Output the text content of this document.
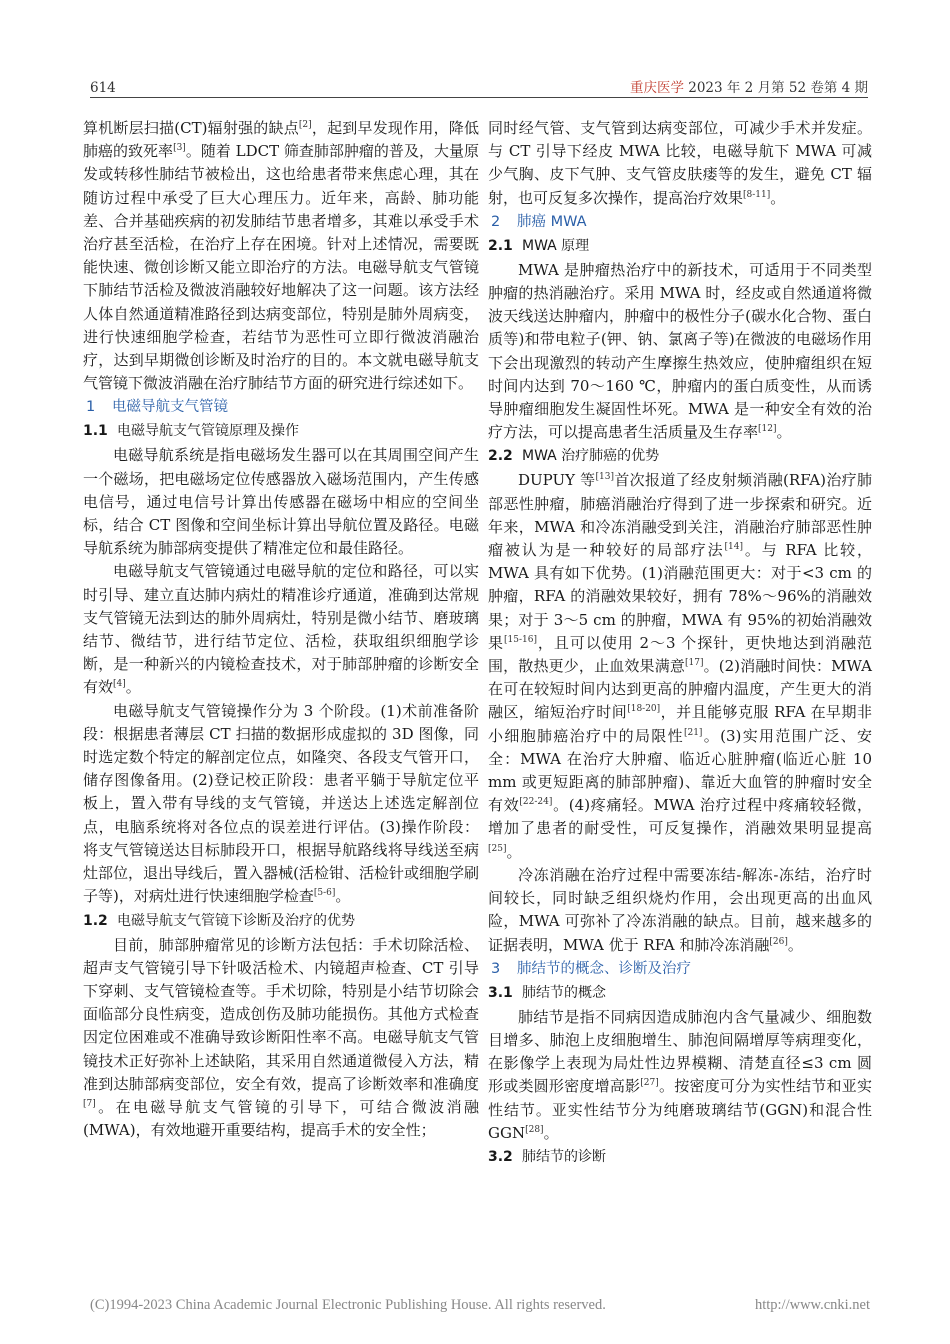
614	重庆医学 2023 年 2 月第 52 卷第 4 期

算机断层扫描(CT)辐射强的缺点[2]，起到早发现作用，降低肺癌的致死率[3]。随着 LDCT 筛查肺部肿瘤的普及，大量原发或转移性肺结节被检出，这也给患者带来焦虑心理，其在随访过程中承受了巨大心理压力。近年来，高龄、肺功能差、合并基础疾病的初发肺结节患者增多，其难以承受手术治疗甚至活检，在治疗上存在困境。针对上述情况，需要既能快速、微创诊断又能立即治疗的方法。电磁导航支气管镜下肺结节活检及微波消融较好地解决了这一问题。该方法经人体自然通道精准路径到达病变部位，特别是肺外周病变，进行快速细胞学检查，若结节为恶性可立即行微波消融治疗，达到早期微创诊断及时治疗的目的。本文就电磁导航支气管镜下微波消融在治疗肺结节方面的研究进行综述如下。

1 电磁导航支气管镜
1.1 电磁导航支气管镜原理及操作

电磁导航系统是指电磁场发生器可以在其周围空间产生一个磁场，把电磁场定位传感器放入磁场范围内，产生传感电信号，通过电信号计算出传感器在磁场中相应的空间坐标，结合 CT 图像和空间坐标计算出导航位置及路径。电磁导航系统为肺部病变提供了精准定位和最佳路径。

电磁导航支气管镜通过电磁导航的定位和路径，可以实时引导、建立直达肺内病灶的精准诊疗通道，准确到达常规支气管镜无法到达的肺外周病灶，特别是微小结节、磨玻璃结节、微结节，进行结节定位、活检，获取组织细胞学诊断，是一种新兴的内镜检查技术，对于肺部肿瘤的诊断安全有效[4]。

电磁导航支气管镜操作分为 3 个阶段。(1)术前准备阶段：根据患者薄层 CT 扫描的数据形成虚拟的 3D 图像，同时选定数个特定的解剖定位点，如隆突、各段支气管开口，储存图像备用。(2)登记校正阶段：患者平躺于导航定位平板上，置入带有导线的支气管镜，并送达上述选定解剖位点，电脑系统将对各位点的误差进行评估。(3)操作阶段：将支气管镜送达目标肺段开口，根据导航路线将导线送至病灶部位，退出导线后，置入器械(活检钳、活检针或细胞学刷子等)，对病灶进行快速细胞学检查[5-6]。

1.2 电磁导航支气管镜下诊断及治疗的优势

目前，肺部肿瘤常见的诊断方法包括：手术切除活检、超声支气管镜引导下针吸活检术、内镜超声检查、CT 引导下穿刺、支气管镜检查等。手术切除，特别是小结节切除会面临部分良性病变，造成创伤及肺功能损伤。其他方式检查因定位困难或不准确导致诊断阳性率不高。电磁导航支气管镜技术正好弥补上述缺陷，其采用自然通道微侵入方法，精准到达肺部病变部位，安全有效，提高了诊断效率和准确度[7]。在电磁导航支气管镜的引导下，可结合微波消融(MWA)，有效地避开重要结构，提高手术的安全性；

同时经气管、支气管到达病变部位，可减少手术并发症。与 CT 引导下经皮 MWA 比较，电磁导航下 MWA 可减少气胸、皮下气肿、支气管皮肤瘘等的发生，避免 CT 辐射，也可反复多次操作，提高治疗效果[8-11]。

2 肺癌 MWA
2.1 MWA 原理

MWA 是肿瘤热治疗中的新技术，可适用于不同类型肿瘤的热消融治疗。采用 MWA 时，经皮或自然通道将微波天线送达肿瘤内，肿瘤中的极性分子(碳水化合物、蛋白质等)和带电粒子(钾、钠、氯离子等)在微波的电磁场作用下会出现激烈的转动产生摩擦生热效应，使肿瘤组织在短时间内达到 70～160 ℃，肿瘤内的蛋白质变性，从而诱导肿瘤细胞发生凝固性坏死。MWA 是一种安全有效的治疗方法，可以提高患者生活质量及生存率[12]。

2.2 MWA 治疗肺癌的优势

DUPUY 等[13]首次报道了经皮射频消融(RFA)治疗肺部恶性肿瘤，肺癌消融治疗得到了进一步探索和研究。近年来，MWA 和冷冻消融受到关注，消融治疗肺部恶性肿瘤被认为是一种较好的局部疗法[14]。与 RFA 比较，MWA 具有如下优势。(1)消融范围更大：对于<3 cm 的肿瘤，RFA 的消融效果较好，拥有 78%～96%的消融效果；对于 3～5 cm 的肿瘤，MWA 有 95%的初始消融效果[15-16]，且可以使用 2～3 个探针，更快地达到消融范围，散热更少，止血效果满意[17]。(2)消融时间快：MWA 在可在较短时间内达到更高的肿瘤内温度，产生更大的消融区，缩短治疗时间[18-20]，并且能够克服 RFA 在早期非小细胞肺癌治疗中的局限性[21]。(3)实用范围广泛、安全：MWA 在治疗大肿瘤、临近心脏肿瘤(临近心脏 10 mm 或更短距离的肺部肿瘤)、靠近大血管的肿瘤时安全有效[22-24]。(4)疼痛轻。MWA 治疗过程中疼痛较轻微，增加了患者的耐受性，可反复操作，消融效果明显提高[25]。

冷冻消融在治疗过程中需要冻结-解冻-冻结，治疗时间较长，同时缺乏组织烧灼作用，会出现更高的出血风险，MWA 可弥补了冷冻消融的缺点。目前，越来越多的证据表明，MWA 优于 RFA 和肺冷冻消融[26]。

3 肺结节的概念、诊断及治疗
3.1 肺结节的概念

肺结节是指不同病因造成肺泡内含气量减少、细胞数目增多、肺泡上皮细胞增生、肺泡间隔增厚等病理变化，在影像学上表现为局灶性边界模糊、清楚直径≤3 cm 圆形或类圆形密度增高影[27]。按密度可分为实性结节和亚实性结节。亚实性结节分为纯磨玻璃结节(GGN)和混合性 GGN[28]。

3.2 肺结节的诊断
(C)1994-2023 China Academic Journal Electronic Publishing House. All rights reserved.	http://www.cnki.net
